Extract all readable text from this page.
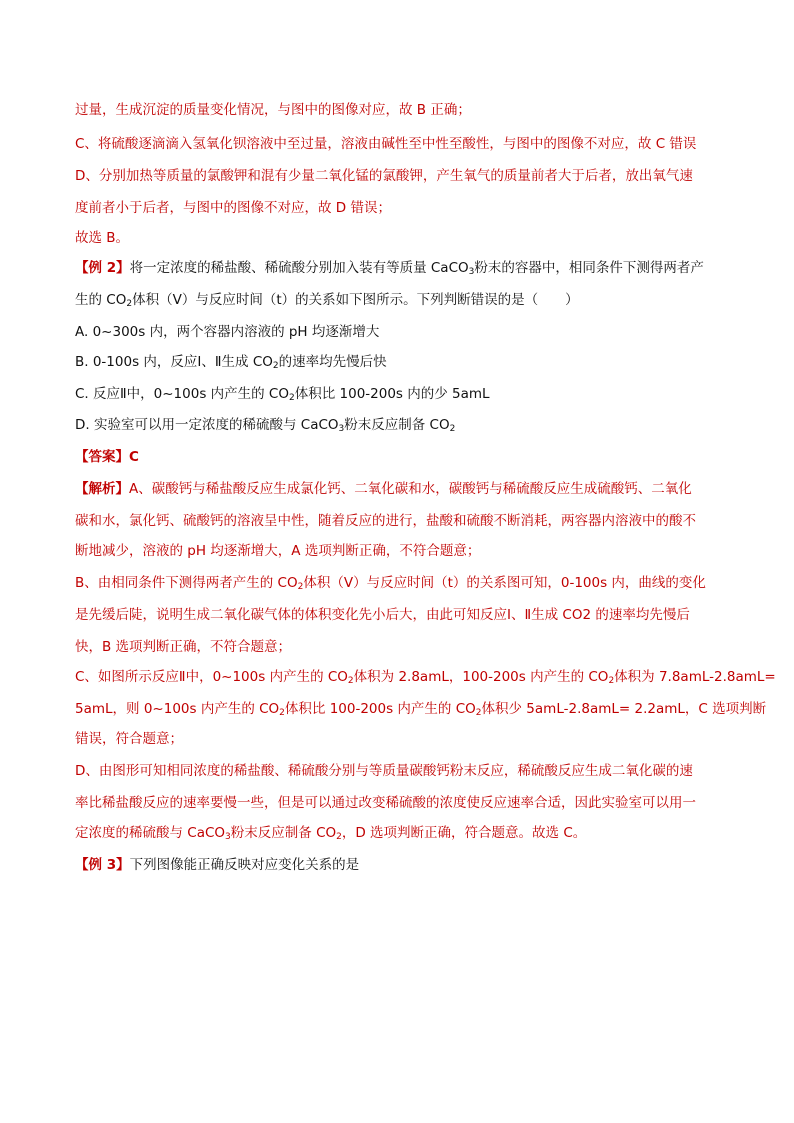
过量，生成沉淀的质量变化情况，与图中的图像对应，故 B 正确；
C、将硫酸逐滴滴入氢氧化钡溶液中至过量，溶液由碱性至中性至酸性，与图中的图像不对应，故 C 错误
D、分别加热等质量的氯酸钾和混有少量二氧化锰的氯酸钾，产生氧气的质量前者大于后者，放出氧气速
度前者小于后者，与图中的图像不对应，故 D 错误；
故选 B。
【例 2】将一定浓度的稀盐酸、稀硫酸分别加入装有等质量 CaCO$_3$粉末的容器中，相同条件下测得两者产
生的 $CO_2$体积（V）与反应时间（t）的关系如下图所示。下列判断错误的是（　　）
A. 0~300s 内，两个容器内溶液的 pH 均逐渐增大
B. 0-100s 内，反应Ⅰ、Ⅱ生成 $CO_2$的速率均先慢后快
C. 反应Ⅱ中，0~100s 内产生的 $CO_2$体积比 100-200s 内的少 5amL
D. 实验室可以用一定浓度的稀硫酸与 CaCO$_3$粉末反应制备 $CO_2$
【答案】C
【解析】A、碳酸钙与稀盐酸反应生成氯化钙、二氧化碳和水，碳酸钙与稀硫酸反应生成硫酸钙、二氧化
碳和水，氯化钙、硫酸钙的溶液呈中性，随着反应的进行，盐酸和硫酸不断消耗，两容器内溶液中的酸不
断地减少，溶液的 pH 均逐渐增大，A 选项判断正确，不符合题意；
B、由相同条件下测得两者产生的 $CO_2$体积（V）与反应时间（t）的关系图可知，0-100s 内，曲线的变化
是先缓后陡，说明生成二氧化碳气体的体积变化先小后大，由此可知反应Ⅰ、Ⅱ生成 CO2 的速率均先慢后
快，B 选项判断正确，不符合题意；
C、如图所示反应Ⅱ中，0~100s 内产生的 $CO_2$体积为 2.8amL，100-200s 内产生的 $CO_2$体积为 7.8amL-2.8amL=
5amL，则 0~100s 内产生的 $CO_2$体积比 100-200s 内产生的 $CO_2$体积少 5amL-2.8amL= 2.2amL，C 选项判断
错误，符合题意；
D、由图形可知相同浓度的稀盐酸、稀硫酸分别与等质量碳酸钙粉末反应，稀硫酸反应生成二氧化碳的速
率比稀盐酸反应的速率要慢一些，但是可以通过改变稀硫酸的浓度使反应速率合适，因此实验室可以用一
定浓度的稀硫酸与 CaCO$_3$粉末反应制备 $CO_2$，D 选项判断正确，符合题意。故选 C。
【例 3】下列图像能正确反映对应变化关系的是
